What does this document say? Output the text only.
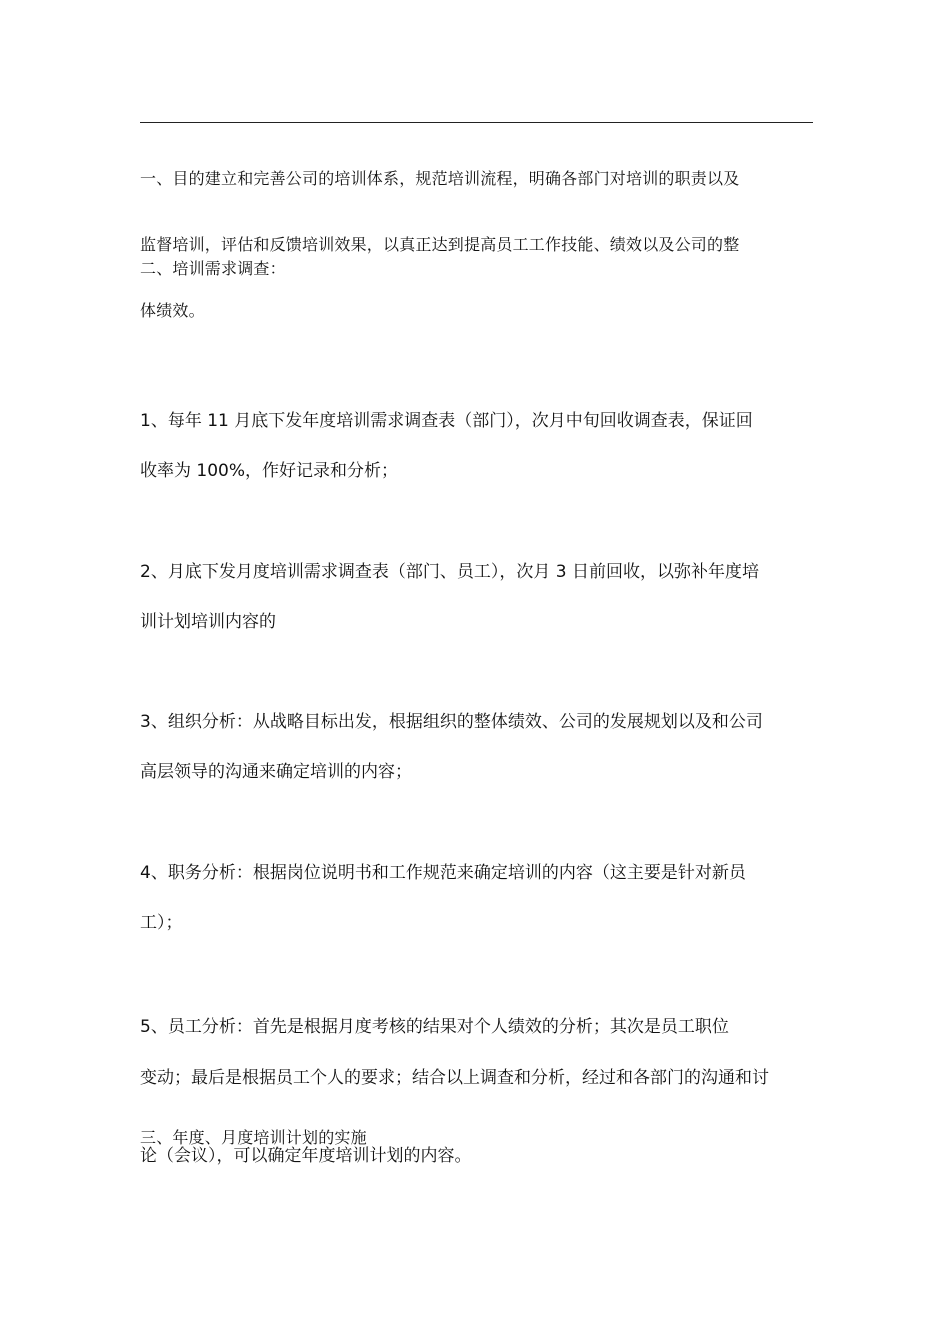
一、目的建立和完善公司的培训体系，规范培训流程，明确各部门对培训的职责以及

监督培训，评估和反馈培训效果，以真正达到提高员工工作技能、绩效以及公司的整

体绩效。

二、培训需求调查：

1、每年 11 月底下发年度培训需求调查表（部门），次月中旬回收调查表，保证回

收率为 100%，作好记录和分析；

2、月底下发月度培训需求调查表（部门、员工），次月 3 日前回收，以弥补年度培

训计划培训内容的

3、组织分析：从战略目标出发，根据组织的整体绩效、公司的发展规划以及和公司

高层领导的沟通来确定培训的内容；

4、职务分析：根据岗位说明书和工作规范来确定培训的内容（这主要是针对新员

工）；

5、员工分析：首先是根据月度考核的结果对个人绩效的分析；其次是员工职位

变动；最后是根据员工个人的要求；结合以上调查和分析，经过和各部门的沟通和讨

论（会议），可以确定年度培训计划的内容。

三、年度、月度培训计划的实施
